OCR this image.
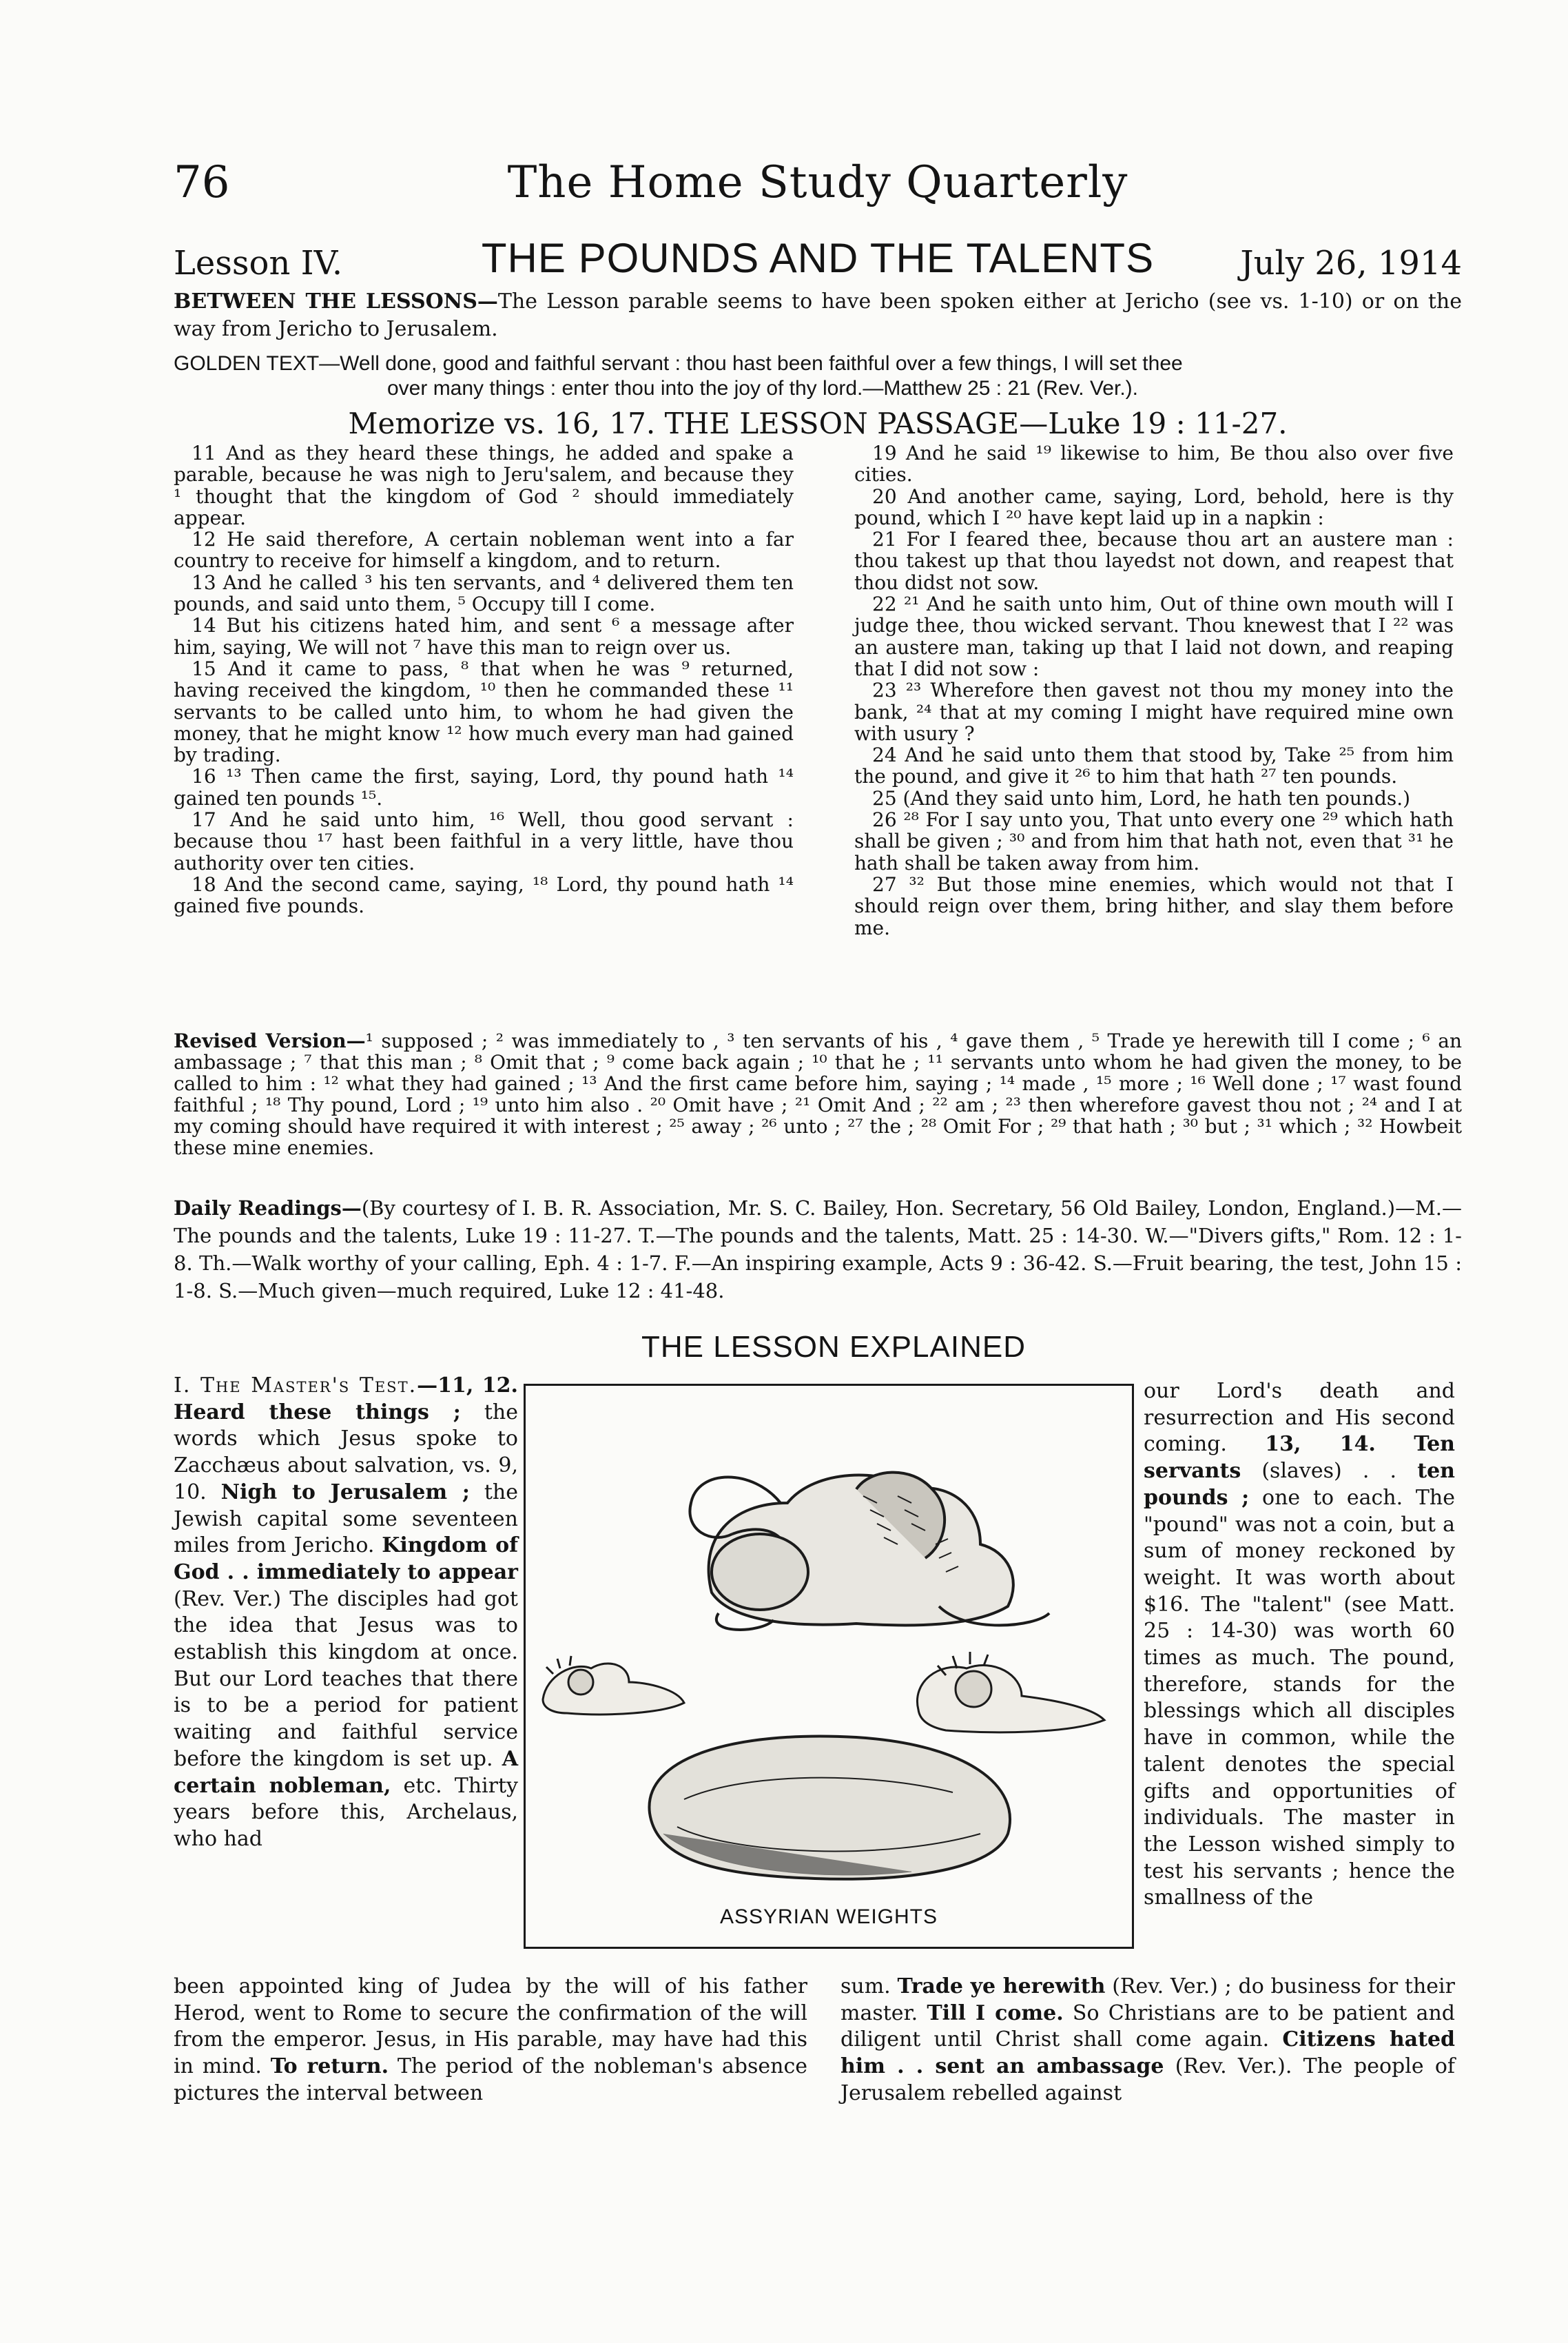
76	The Home Study Quarterly
Lesson IV.	THE POUNDS AND THE TALENTS	July 26, 1914
BETWEEN THE LESSONS—The Lesson parable seems to have been spoken either at Jericho (see vs. 1-10) or on the way from Jericho to Jerusalem.
GOLDEN TEXT—Well done, good and faithful servant : thou hast been faithful over a few things, I will set thee
over many things : enter thou into the joy of thy lord.—Matthew 25 : 21 (Rev. Ver.).
Memorize vs. 16, 17. THE LESSON PASSAGE—Luke 19 : 11-27.

11 And as they heard these things, he added and spake a parable, because he was nigh to Jeru'salem, and because they ¹ thought that the kingdom of God ² should immediately appear.

12 He said therefore, A certain nobleman went into a far country to receive for himself a kingdom, and to return.

13 And he called ³ his ten servants, and ⁴ delivered them ten pounds, and said unto them, ⁵ Occupy till I come.

14 But his citizens hated him, and sent ⁶ a message after him, saying, We will not ⁷ have this man to reign over us.

15 And it came to pass, ⁸ that when he was ⁹ returned, having received the kingdom, ¹⁰ then he commanded these ¹¹ servants to be called unto him, to whom he had given the money, that he might know ¹² how much every man had gained by trading.

16 ¹³ Then came the first, saying, Lord, thy pound hath ¹⁴ gained ten pounds ¹⁵.

17 And he said unto him, ¹⁶ Well, thou good servant : because thou ¹⁷ hast been faithful in a very little, have thou authority over ten cities.

18 And the second came, saying, ¹⁸ Lord, thy pound hath ¹⁴ gained five pounds.

19 And he said ¹⁹ likewise to him, Be thou also over five cities.

20 And another came, saying, Lord, behold, here is thy pound, which I ²⁰ have kept laid up in a napkin :

21 For I feared thee, because thou art an austere man : thou takest up that thou layedst not down, and reapest that thou didst not sow.

22 ²¹ And he saith unto him, Out of thine own mouth will I judge thee, thou wicked servant. Thou knewest that I ²² was an austere man, taking up that I laid not down, and reaping that I did not sow :

23 ²³ Wherefore then gavest not thou my money into the bank, ²⁴ that at my coming I might have required mine own with usury ?

24 And he said unto them that stood by, Take ²⁵ from him the pound, and give it ²⁶ to him that hath ²⁷ ten pounds.

25 (And they said unto him, Lord, he hath ten pounds.)

26 ²⁸ For I say unto you, That unto every one ²⁹ which hath shall be given ; ³⁰ and from him that hath not, even that ³¹ he hath shall be taken away from him.

27 ³² But those mine enemies, which would not that I should reign over them, bring hither, and slay them before me.

Revised Version—¹ supposed ; ² was immediately to , ³ ten servants of his , ⁴ gave them , ⁵ Trade ye herewith till I come ; ⁶ an ambassage ; ⁷ that this man ; ⁸ Omit that ; ⁹ come back again ; ¹⁰ that he ; ¹¹ servants unto whom he had given the money, to be called to him : ¹² what they had gained ; ¹³ And the first came before him, saying ; ¹⁴ made , ¹⁵ more ; ¹⁶ Well done ; ¹⁷ wast found faithful ; ¹⁸ Thy pound, Lord ; ¹⁹ unto him also . ²⁰ Omit have ; ²¹ Omit And ; ²² am ; ²³ then wherefore gavest thou not ; ²⁴ and I at my coming should have required it with interest ; ²⁵ away ; ²⁶ unto ; ²⁷ the ; ²⁸ Omit For ; ²⁹ that hath ; ³⁰ but ; ³¹ which ; ³² Howbeit these mine enemies.
Daily Readings—(By courtesy of I. B. R. Association, Mr. S. C. Bailey, Hon. Secretary, 56 Old Bailey, London, England.)—M.—The pounds and the talents, Luke 19 : 11-27. T.—The pounds and the talents, Matt. 25 : 14-30. W.—"Divers gifts," Rom. 12 : 1-8. Th.—Walk worthy of your calling, Eph. 4 : 1-7. F.—An inspiring example, Acts 9 : 36-42. S.—Fruit bearing, the test, John 15 : 1-8. S.—Much given—much required, Luke 12 : 41-48.
THE LESSON EXPLAINED

I. The Master's Test.—11, 12. Heard these things ; the words which Jesus spoke to Zacchæus about salvation, vs. 9, 10. Nigh to Jerusalem ; the Jewish capital some seventeen miles from Jericho. Kingdom of God . . immediately to appear (Rev. Ver.) The disciples had got the idea that Jesus was to establish this kingdom at once. But our Lord teaches that there is to be a period for patient waiting and faithful service before the kingdom is set up. A certain nobleman, etc. Thirty years before this, Archelaus, who had

ASSYRIAN WEIGHTS

our Lord's death and resurrection and His second coming. 13, 14. Ten servants (slaves) . . ten pounds ; one to each. The "pound" was not a coin, but a sum of money reckoned by weight. It was worth about $16. The "talent" (see Matt. 25 : 14-30) was worth 60 times as much. The pound, therefore, stands for the blessings which all disciples have in common, while the talent denotes the special gifts and opportunities of individuals. The master in the Lesson wished simply to test his servants ; hence the smallness of the

been appointed king of Judea by the will of his father Herod, went to Rome to secure the confirmation of the will from the emperor. Jesus, in His parable, may have had this in mind. To return. The period of the nobleman's absence pictures the interval between
sum. Trade ye herewith (Rev. Ver.) ; do business for their master. Till I come. So Christians are to be patient and diligent until Christ shall come again. Citizens hated him . . sent an ambassage (Rev. Ver.). The people of Jerusalem rebelled against
